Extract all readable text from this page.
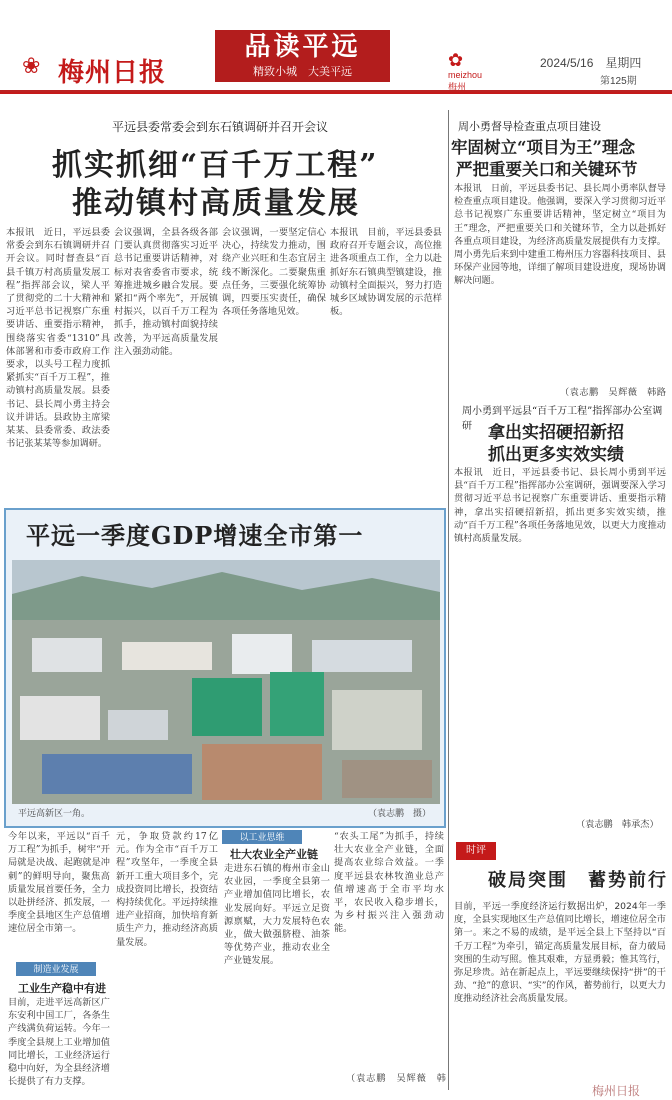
❀ 梅州日报
品读平远
精致小城　大美平远
✿
meizhou
梅州
2024/5/16　星期四
第125期
平远县委常委会到东石镇调研并召开会议
抓实抓细“百千万工程”
推动镇村高质量发展
本报讯　近日，平远县委常委会到东石镇调研并召开会议。同时督查县“百县千镇万村高质量发展工程”指挥部会议，梁人平了贯彻党的二十大精神和习近平总书记视察广东重要讲话、重要指示精神，围绕落实省委“1310”具体部署和市委市政府工作要求，以头号工程力度抓紧抓实“百千万工程”，推动镇村高质量发展。县委书记、县长周小勇主持会议并讲话。县政协主席梁某某、县委常委、政法委书记张某某等参加调研。
会议强调，全县各级各部门要认真贯彻落实习近平总书记重要讲话精神，对标对表省委省市要求，统筹推进城乡融合发展。要紧扣“两个率先”，开展镇村振兴，以百千万工程为抓手，推动镇村面貌持续改善，为平远高质量发展注入强劲动能。
会议强调，一要坚定信心决心，持续发力推动，围绕产业兴旺和生态宜居主线不断深化。二要聚焦重点任务，三要强化统筹协调，四要压实责任，确保各项任务落地见效。
本报讯　目前，平远县委县政府召开专题会议，高位推进各项重点工作，全力以赴抓好东石镇典型镇建设，推动镇村全面振兴，努力打造城乡区域协调发展的示范样板。
周小勇督导检查重点项目建设
牢固树立“项目为王”理念
严把重要关口和关键环节
本报讯　日前，平远县委书记、县长周小勇率队督导检查重点项目建设。他强调，要深入学习贯彻习近平总书记视察广东重要讲话精神，坚定树立“项目为王”理念，严把重要关口和关键环节，全力以赴抓好各重点项目建设，为经济高质量发展提供有力支撑。周小勇先后来到中建重工梅州压力容器科技项目、县环保产业园等地，详细了解项目建设进度，现场协调解决问题。
（袁志鹏　吴辉薇　韩路
周小勇到平远县“百千万工程”指挥部办公室调研 拿出实招硬招新招
抓出更多实效实绩
本报讯　近日，平远县委书记、县长周小勇到平远县“百千万工程”指挥部办公室调研，强调要深入学习贯彻习近平总书记视察广东重要讲话、重要指示精神，拿出实招硬招新招，抓出更多实效实绩，推动“百千万工程”各项任务落地见效，以更大力度推动镇村高质量发展。
（袁志鹏　韩承杰）
平远一季度GDP增速全市第一
平远高新区一角。	（袁志鹏　摄）
今年以来，平远以“百千万工程”为抓手，树牢“开局就是决战、起跑就是冲刺”的鲜明导向，聚焦高质量发展首要任务，全力以赴拼经济、抓发展，一季度全县地区生产总值增速位居全市第一。
制造业发展
工业生产稳中有进
目前，走进平远高新区广东安利中国工厂，各条生产线满负荷运转。今年一季度全县规上工业增加值同比增长，工业经济运行稳中向好，为全县经济增长提供了有力支撑。
元，争取贷款约17亿元。作为全市“百千万工程”攻坚年，一季度全县新开工重大项目多个，完成投资同比增长，投资结构持续优化。平远持续推进产业招商，加快培育新质生产力，推动经济高质量发展。
以工业思维
壮大农业全产业链
走进东石镇的梅州市金山农业园，一季度全县第一产业增加值同比增长，农业发展向好。平远立足资源禀赋，大力发展特色农业，做大做强脐橙、油茶等优势产业，推动农业全产业链发展。
“农头工尾”为抓手，持续壮大农业全产业链，全面提高农业综合效益。一季度平远县农林牧渔业总产值增速高于全市平均水平，农民收入稳步增长，为乡村振兴注入强劲动能。
（袁志鹏　吴辉薇　韩
时评
破局突围　蓄势前行
目前，平远一季度经济运行数据出炉，2024年一季度，全县实现地区生产总值同比增长，增速位居全市第一。来之不易的成绩，是平远全县上下坚持以“百千万工程”为牵引，锚定高质量发展目标，奋力破局突围的生动写照。惟其艰难，方显勇毅；惟其笃行，弥足珍贵。站在新起点上，平远要继续保持“拼”的干劲、“抢”的意识、“实”的作风，蓄势前行，以更大力度推动经济社会高质量发展。
梅州日报
